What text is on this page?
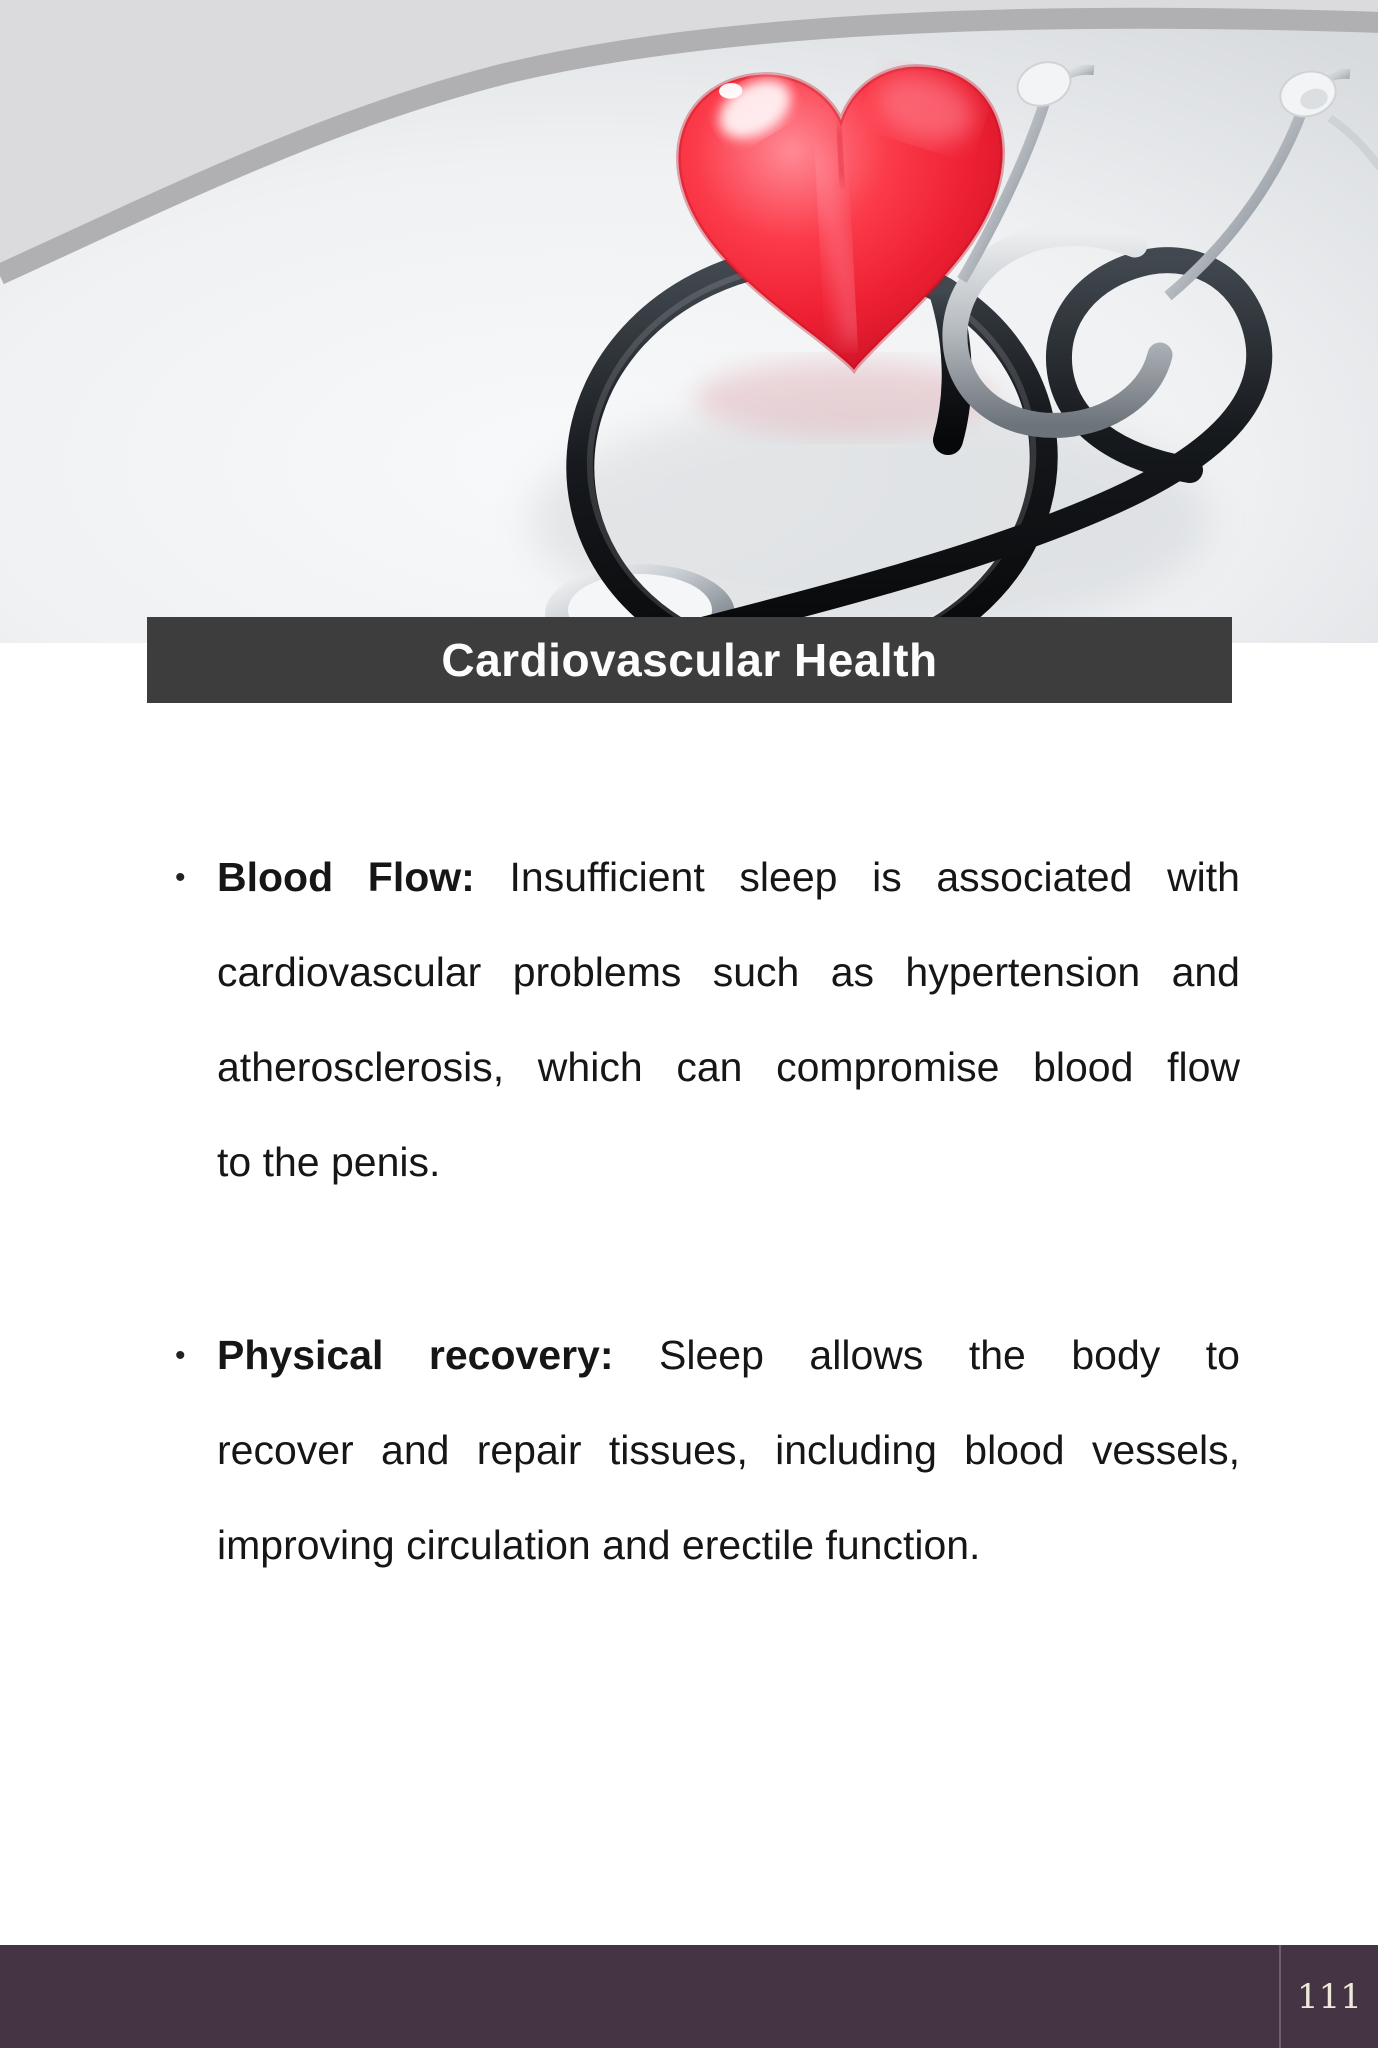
Cardiovascular Health
• Blood Flow: Insufficient sleep is associated with
cardiovascular problems such as hypertension and
atherosclerosis, which can compromise blood flow
to the penis.
• Physical recovery: Sleep allows the body to
recover and repair tissues, including blood vessels,
improving circulation and erectile function.
111
